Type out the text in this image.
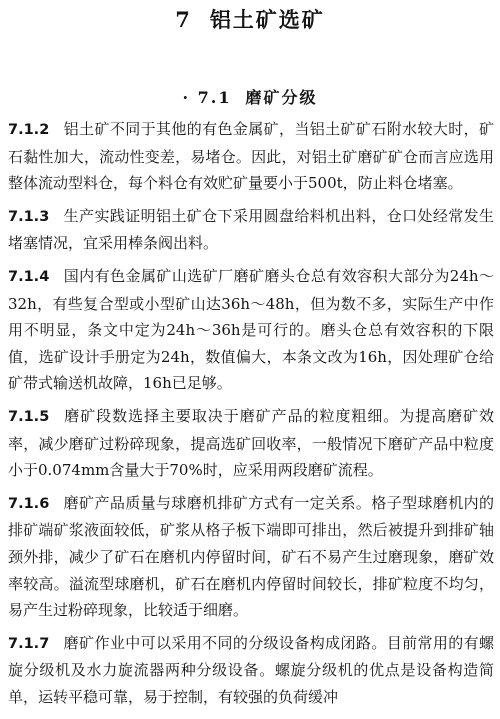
7 铝土矿选矿
· 7.1 磨矿分级

7.1.2 铝土矿不同于其他的有色金属矿，当铝土矿矿石附水较大时，矿石黏性加大，流动性变差，易堵仓。因此，对铝土矿磨矿矿仓而言应选用整体流动型料仓，每个料仓有效贮矿量要小于500t，防止料仓堵塞。

7.1.3 生产实践证明铝土矿仓下采用圆盘给料机出料，仓口处经常发生堵塞情况，宜采用棒条阀出料。

7.1.4 国内有色金属矿山选矿厂磨矿磨头仓总有效容积大部分为24h～32h，有些复合型或小型矿山达36h～48h，但为数不多，实际生产中作用不明显，条文中定为24h～36h是可行的。磨头仓总有效容积的下限值，选矿设计手册定为24h，数值偏大，本条文改为16h，因处理矿仓给矿带式输送机故障，16h已足够。

7.1.5 磨矿段数选择主要取决于磨矿产品的粒度粗细。为提高磨矿效率，减少磨矿过粉碎现象，提高选矿回收率，一般情况下磨矿产品中粒度小于0.074mm含量大于70%时，应采用两段磨矿流程。

7.1.6 磨矿产品质量与球磨机排矿方式有一定关系。格子型球磨机内的排矿端矿浆液面较低，矿浆从格子板下端即可排出，然后被提升到排矿轴颈外排，减少了矿石在磨机内停留时间，矿石不易产生过磨现象，磨矿效率较高。溢流型球磨机，矿石在磨机内停留时间较长，排矿粒度不均匀，易产生过粉碎现象，比较适于细磨。

7.1.7 磨矿作业中可以采用不同的分级设备构成闭路。目前常用的有螺旋分级机及水力旋流器两种分级设备。螺旋分级机的优点是设备构造简单，运转平稳可靠，易于控制，有较强的负荷缓冲
